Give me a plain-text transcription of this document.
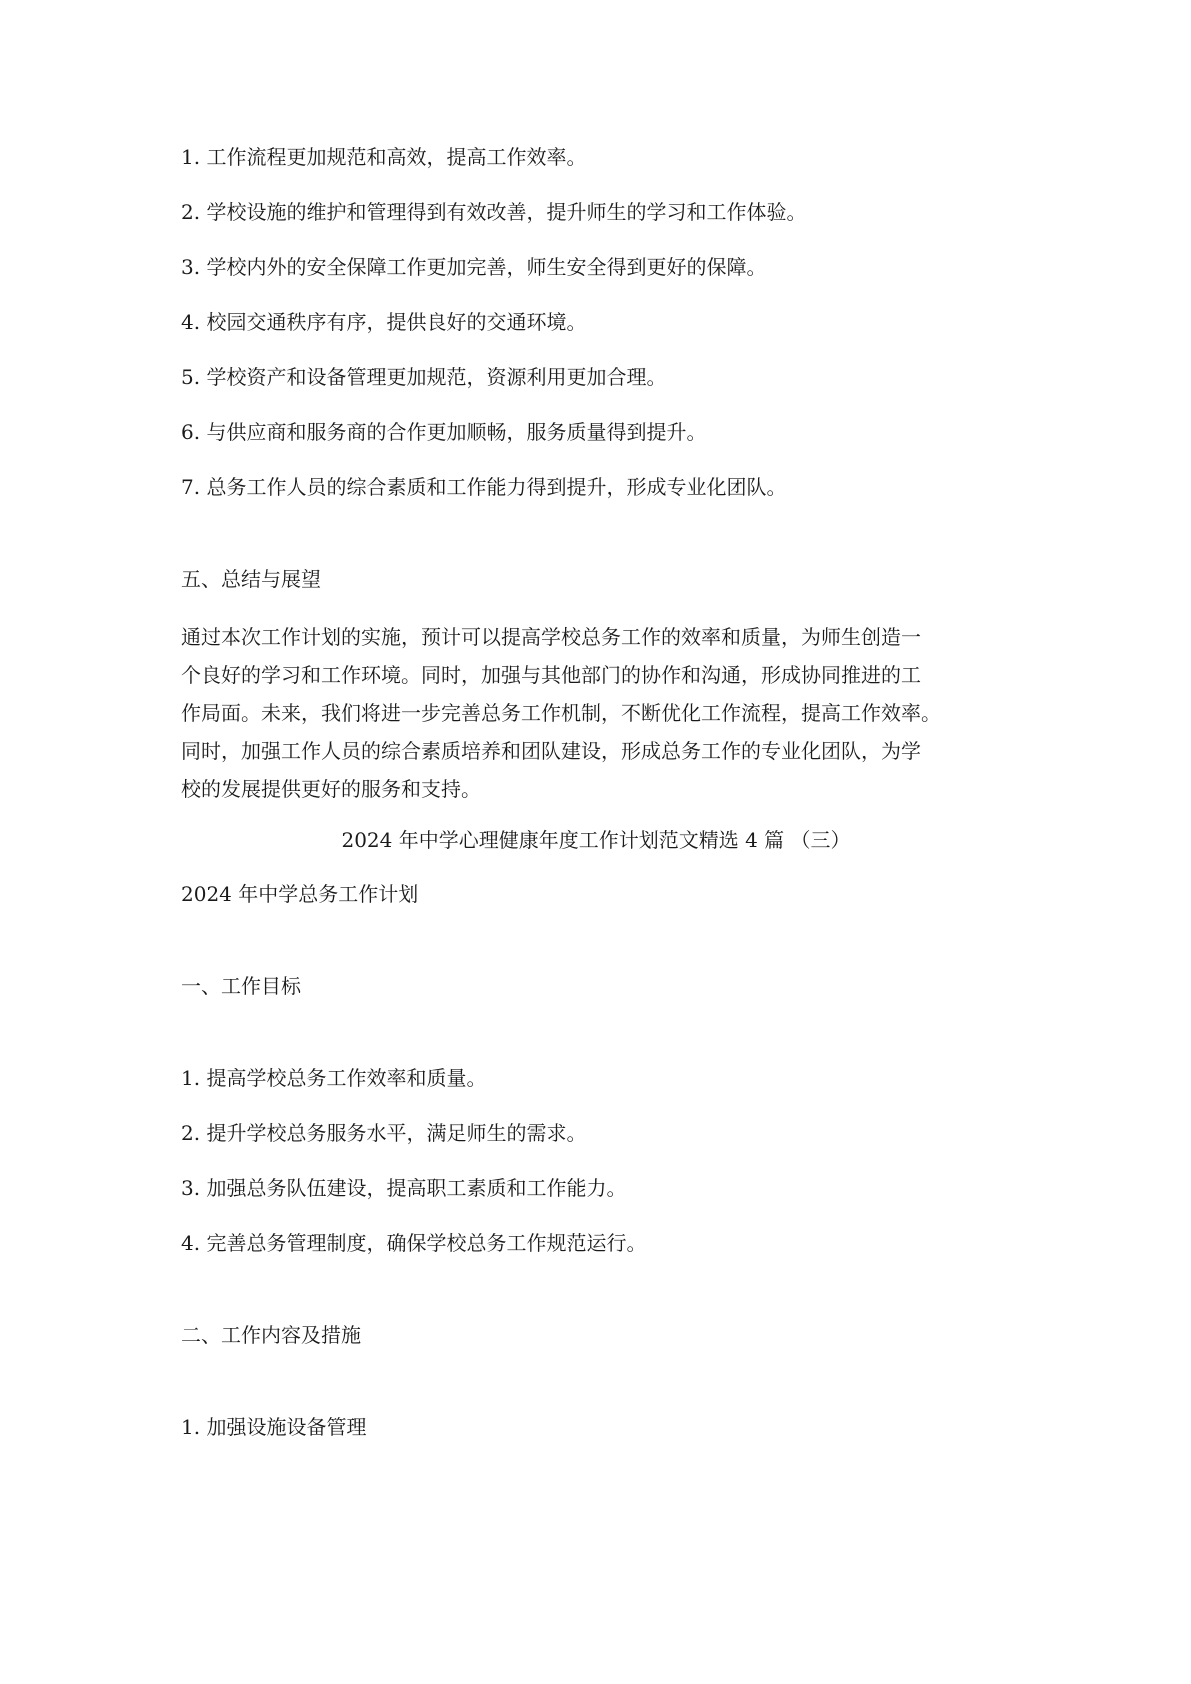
1. 工作流程更加规范和高效，提高工作效率。
2. 学校设施的维护和管理得到有效改善，提升师生的学习和工作体验。
3. 学校内外的安全保障工作更加完善，师生安全得到更好的保障。
4. 校园交通秩序有序，提供良好的交通环境。
5. 学校资产和设备管理更加规范，资源利用更加合理。
6. 与供应商和服务商的合作更加顺畅，服务质量得到提升。
7. 总务工作人员的综合素质和工作能力得到提升，形成专业化团队。
五、总结与展望
通过本次工作计划的实施，预计可以提高学校总务工作的效率和质量，为师生创造一
个良好的学习和工作环境。同时，加强与其他部门的协作和沟通，形成协同推进的工
作局面。未来，我们将进一步完善总务工作机制，不断优化工作流程，提高工作效率。
同时，加强工作人员的综合素质培养和团队建设，形成总务工作的专业化团队，为学
校的发展提供更好的服务和支持。
2024 年中学心理健康年度工作计划范文精选 4 篇 （三）
2024 年中学总务工作计划
一、工作目标
1. 提高学校总务工作效率和质量。
2. 提升学校总务服务水平，满足师生的需求。
3. 加强总务队伍建设，提高职工素质和工作能力。
4. 完善总务管理制度，确保学校总务工作规范运行。
二、工作内容及措施
1. 加强设施设备管理
